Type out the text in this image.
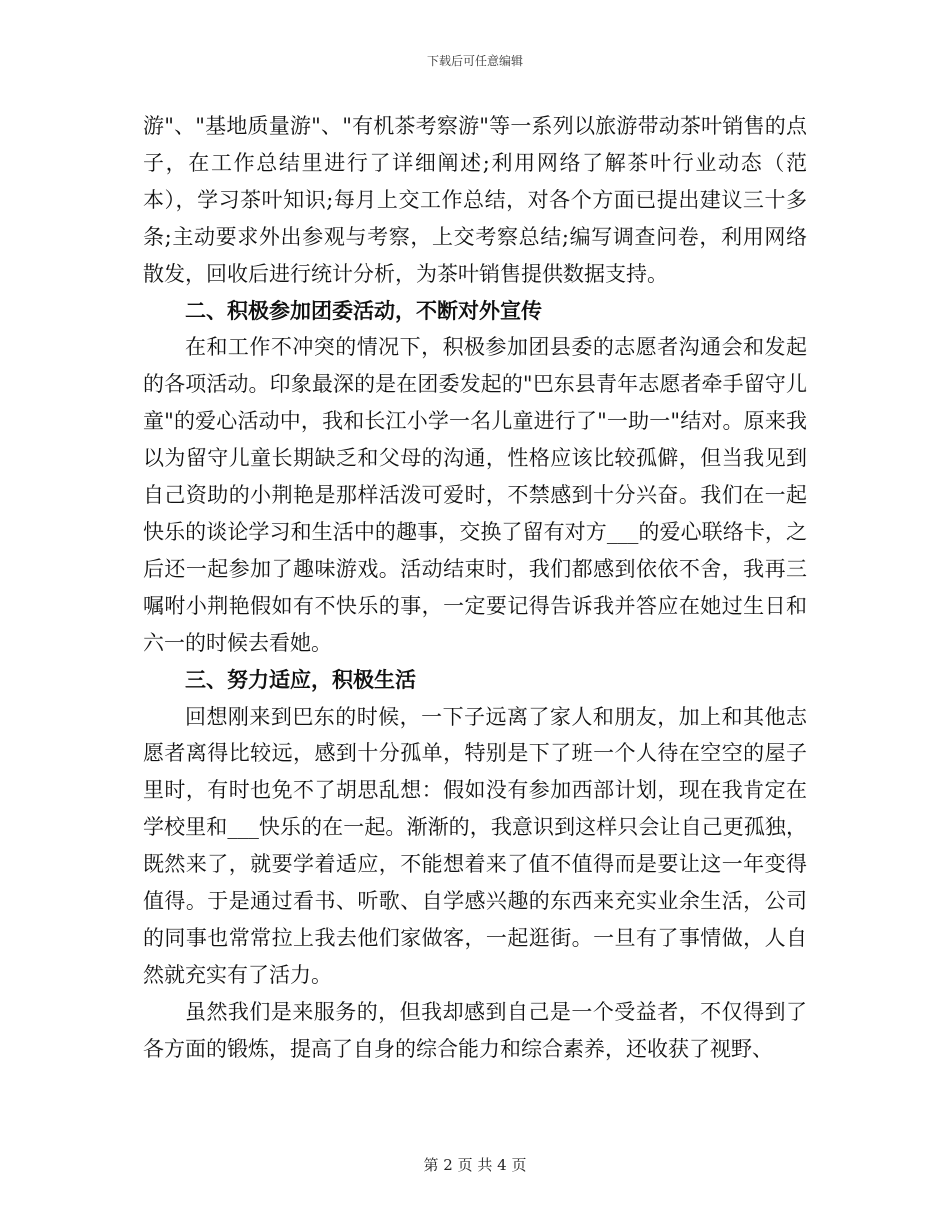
下载后可任意编辑

游"、"基地质量游"、"有机茶考察游"等一系列以旅游带动茶叶销售的点子，在工作总结里进行了详细阐述;利用网络了解茶叶行业动态（范本），学习茶叶知识;每月上交工作总结，对各个方面已提出建议三十多条;主动要求外出参观与考察，上交考察总结;编写调查问卷，利用网络散发，回收后进行统计分析，为茶叶销售提供数据支持。

二、积极参加团委活动，不断对外宣传

在和工作不冲突的情况下，积极参加团县委的志愿者沟通会和发起的各项活动。印象最深的是在团委发起的"巴东县青年志愿者牵手留守儿童"的爱心活动中，我和长江小学一名儿童进行了"一助一"结对。原来我以为留守儿童长期缺乏和父母的沟通，性格应该比较孤僻，但当我见到自己资助的小荆艳是那样活泼可爱时，不禁感到十分兴奋。我们在一起快乐的谈论学习和生活中的趣事，交换了留有对方___的爱心联络卡，之后还一起参加了趣味游戏。活动结束时，我们都感到依依不舍，我再三嘱咐小荆艳假如有不快乐的事，一定要记得告诉我并答应在她过生日和六一的时候去看她。

三、努力适应，积极生活

回想刚来到巴东的时候，一下子远离了家人和朋友，加上和其他志愿者离得比较远，感到十分孤单，特别是下了班一个人待在空空的屋子里时，有时也免不了胡思乱想：假如没有参加西部计划，现在我肯定在学校里和___快乐的在一起。渐渐的，我意识到这样只会让自己更孤独，既然来了，就要学着适应，不能想着来了值不值得而是要让这一年变得值得。于是通过看书、听歌、自学感兴趣的东西来充实业余生活，公司的同事也常常拉上我去他们家做客，一起逛街。一旦有了事情做，人自然就充实有了活力。

虽然我们是来服务的，但我却感到自己是一个受益者，不仅得到了各方面的锻炼，提高了自身的综合能力和综合素养，还收获了视野、

第 2 页 共 4 页
